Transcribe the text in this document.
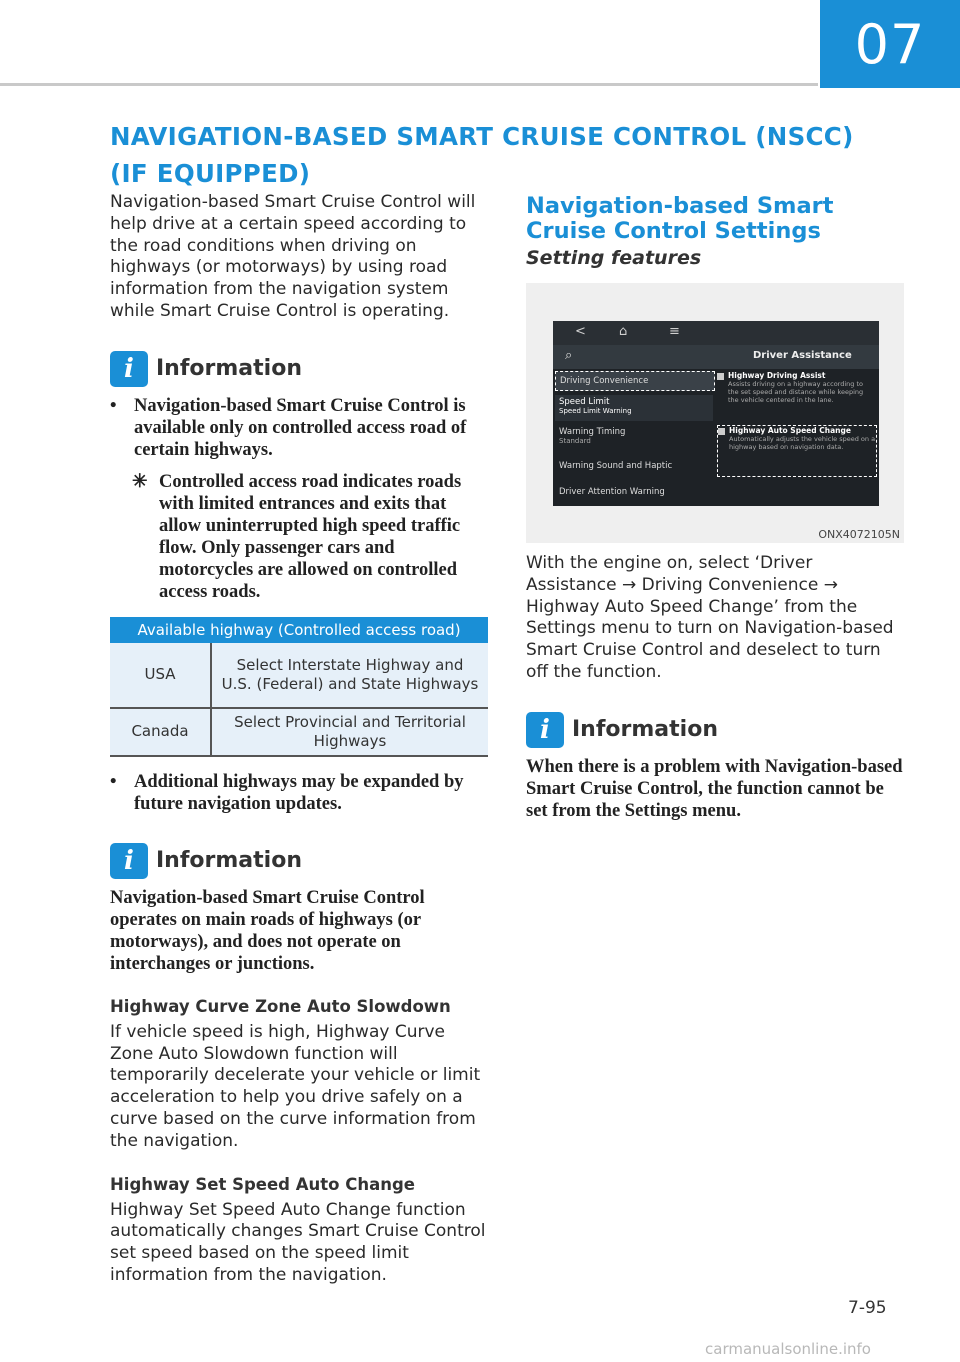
07
NAVIGATION-BASED SMART CRUISE CONTROL (NSCC) (IF EQUIPPED)

Navigation-based Smart Cruise Control will help drive at a certain speed according to the road conditions when driving on highways (or motorways) by using road information from the navigation system while Smart Cruise Control is operating.

i	Information
• Navigation-based Smart Cruise Control is available only on controlled access road of certain highways.
✳ Controlled access road indicates roads with limited entrances and exits that allow uninterrupted high speed traffic flow. Only passenger cars and motorcycles are allowed on controlled access roads.
Available highway (Controlled access road)	
USA	Select Interstate Highway and U.S. (Federal) and State Highways
Canada	Select Provincial and Territorial Highways
• Additional highways may be expanded by future navigation updates.
i	Information

Navigation-based Smart Cruise Control operates on main roads of highways (or motorways), and does not operate on interchanges or junctions.

Highway Curve Zone Auto Slowdown

If vehicle speed is high, Highway Curve Zone Auto Slowdown function will temporarily decelerate your vehicle or limit acceleration to help you drive safely on a curve based on the curve information from the navigation.

Highway Set Speed Auto Change

Highway Set Speed Auto Change function automatically changes Smart Cruise Control set speed based on the speed limit information from the navigation.

Navigation-based Smart Cruise Control Settings
Setting features
<	⌂	≡
⌕	Driver Assistance
Driving Convenience
Speed Limit
Speed Limit Warning
Warning Timing
Standard
Warning Sound and Haptic
Driver Attention Warning
Highway Driving Assist
Assists driving on a highway according to the set speed and distance while keeping the vehicle centered in the lane.
Highway Auto Speed Change
Automatically adjusts the vehicle speed on a highway based on navigation data.
ONX4072105N

With the engine on, select ‘Driver Assistance → Driving Convenience → Highway Auto Speed Change’ from the Settings menu to turn on Navigation-based Smart Cruise Control and deselect to turn off the function.

i	Information

When there is a problem with Navigation-based Smart Cruise Control, the function cannot be set from the Settings menu.

7-95
carmanualsonline.info
